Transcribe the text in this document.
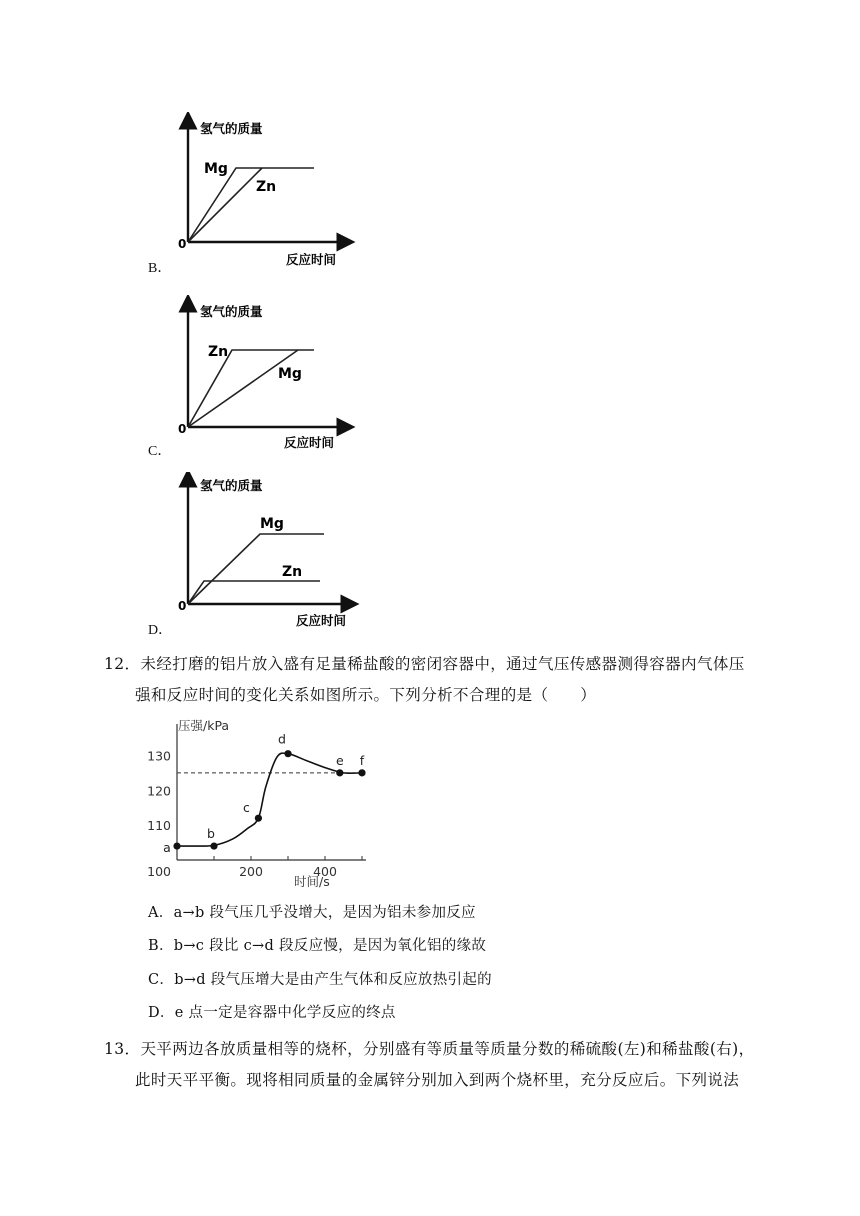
氢气的质量
反应时间
0
Mg
Zn
B．
氢气的质量
反应时间
0
Zn
Mg
C．
氢气的质量
反应时间
0
Mg
Zn
D．
12．未经打磨的铝片放入盛有足量稀盐酸的密闭容器中，通过气压传感器测得容器内气体压
强和反应时间的变化关系如图所示。下列分析不合理的是（　　）
压强/kPa
时间/s
100
110
120
130
200	400
a
b
c
d
e f
A．a→b 段气压几乎没增大，是因为铝未参加反应
B．b→c 段比 c→d 段反应慢，是因为氧化铝的缘故
C．b→d 段气压增大是由产生气体和反应放热引起的
D．e 点一定是容器中化学反应的终点
13．天平两边各放质量相等的烧杯，分别盛有等质量等质量分数的稀硫酸(左)和稀盐酸(右)，
此时天平平衡。现将相同质量的金属锌分别加入到两个烧杯里，充分反应后。下列说法
